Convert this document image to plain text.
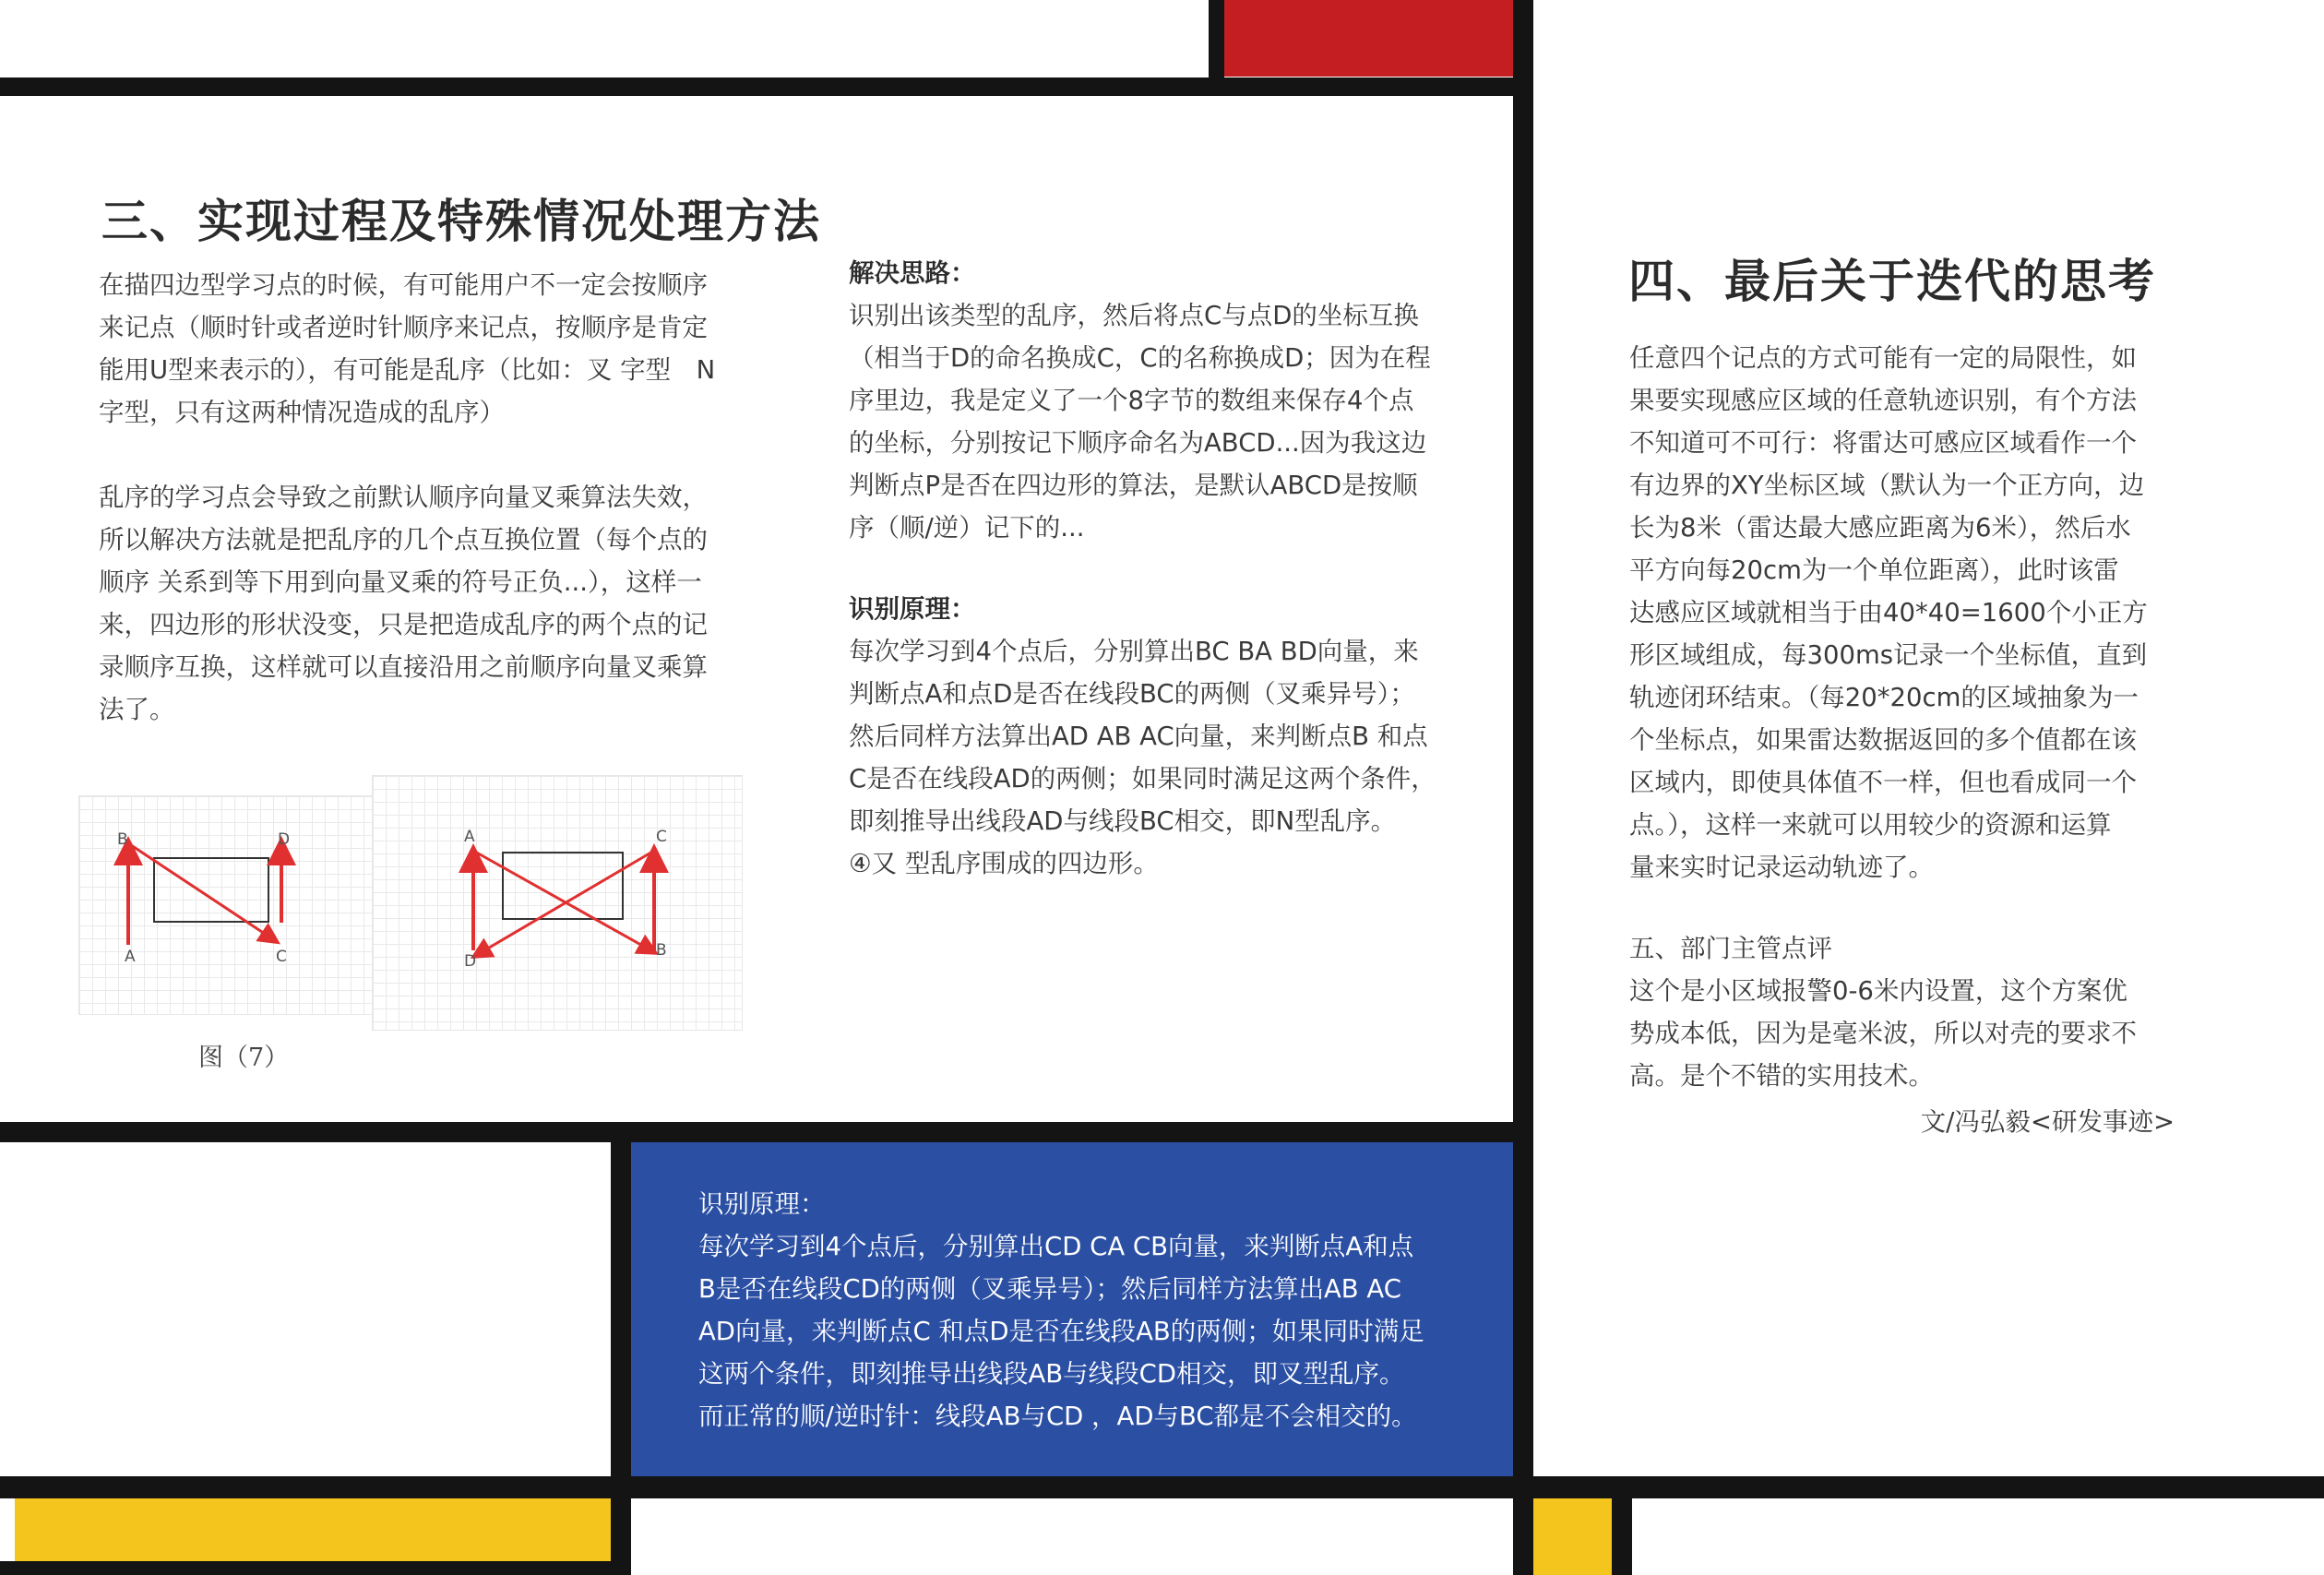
三、实现过程及特殊情况处理方法
在描四边型学习点的时候，有可能用户不一定会按顺序
来记点（顺时针或者逆时针顺序来记点，按顺序是肯定
能用U型来表示的），有可能是乱序（比如：叉 字型　N
字型，只有这两种情况造成的乱序）
乱序的学习点会导致之前默认顺序向量叉乘算法失效，
所以解决方法就是把乱序的几个点互换位置（每个点的
顺序 关系到等下用到向量叉乘的符号正负...），这样一
来，四边形的形状没变，只是把造成乱序的两个点的记
录顺序互换，这样就可以直接沿用之前顺序向量叉乘算
法了。
B	D
A	C
A	C
D
B
图（7）
解决思路：
识别出该类型的乱序，然后将点C与点D的坐标互换
（相当于D的命名换成C，C的名称换成D；因为在程
序里边，我是定义了一个8字节的数组来保存4个点
的坐标，分别按记下顺序命名为ABCD...因为我这边
判断点P是否在四边形的算法，是默认ABCD是按顺
序（顺/逆）记下的...
识别原理：
每次学习到4个点后，分别算出BC BA BD向量，来
判断点A和点D是否在线段BC的两侧（叉乘异号）；
然后同样方法算出AD AB AC向量，来判断点B 和点
C是否在线段AD的两侧；如果同时满足这两个条件，
即刻推导出线段AD与线段BC相交，即N型乱序。
④又 型乱序围成的四边形。
识别原理：
每次学习到4个点后，分别算出CD CA CB向量，来判断点A和点
B是否在线段CD的两侧（叉乘异号）；然后同样方法算出AB AC
AD向量，来判断点C 和点D是否在线段AB的两侧；如果同时满足
这两个条件，即刻推导出线段AB与线段CD相交，即叉型乱序。
而正常的顺/逆时针：线段AB与CD ，AD与BC都是不会相交的。
四、最后关于迭代的思考
任意四个记点的方式可能有一定的局限性，如
果要实现感应区域的任意轨迹识别，有个方法
不知道可不可行：将雷达可感应区域看作一个
有边界的XY坐标区域（默认为一个正方向，边
长为8米（雷达最大感应距离为6米），然后水
平方向每20cm为一个单位距离），此时该雷
达感应区域就相当于由40*40=1600个小正方
形区域组成，每300ms记录一个坐标值，直到
轨迹闭环结束。（每20*20cm的区域抽象为一
个坐标点，如果雷达数据返回的多个值都在该
区域内，即使具体值不一样，但也看成同一个
点。），这样一来就可以用较少的资源和运算
量来实时记录运动轨迹了。
五、部门主管点评
这个是小区域报警0-6米内设置，这个方案优
势成本低，因为是毫米波，所以对壳的要求不
高。是个不错的实用技术。
文/冯弘毅<研发事迹>
